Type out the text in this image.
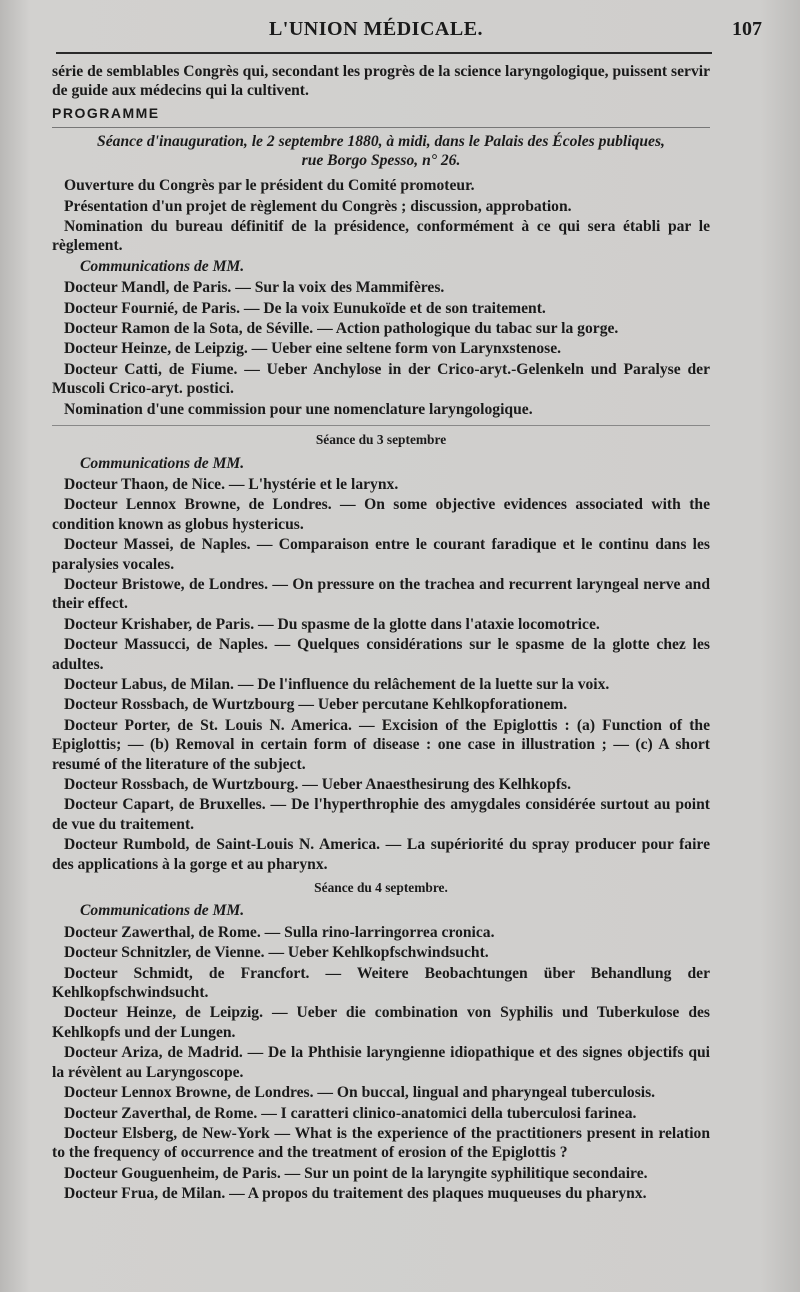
L'UNION MÉDICALE.	107

série de semblables Congrès qui, secondant les progrès de la science laryngologique, puissent servir de guide aux médecins qui la cultivent.

PROGRAMME

Séance d'inauguration, le 2 septembre 1880, à midi, dans le Palais des Écoles publiques,

rue Borgo Spesso, n° 26.

Ouverture du Congrès par le président du Comité promoteur.

Présentation d'un projet de règlement du Congrès ; discussion, approbation.

Nomination du bureau définitif de la présidence, conformément à ce qui sera établi par le règlement.

Communications de MM.

Docteur Mandl, de Paris. — Sur la voix des Mammifères.

Docteur Fournié, de Paris. — De la voix Eunukoïde et de son traitement.

Docteur Ramon de la Sota, de Séville. — Action pathologique du tabac sur la gorge.

Docteur Heinze, de Leipzig. — Ueber eine seltene form von Larynxstenose.

Docteur Catti, de Fiume. — Ueber Anchylose in der Crico-aryt.-Gelenkeln und Paralyse der Muscoli Crico-aryt. postici.

Nomination d'une commission pour une nomenclature laryngologique.

Séance du 3 septembre

Communications de MM.

Docteur Thaon, de Nice. — L'hystérie et le larynx.

Docteur Lennox Browne, de Londres. — On some objective evidences associated with the condition known as globus hystericus.

Docteur Massei, de Naples. — Comparaison entre le courant faradique et le continu dans les paralysies vocales.

Docteur Bristowe, de Londres. — On pressure on the trachea and recurrent laryngeal nerve and their effect.

Docteur Krishaber, de Paris. — Du spasme de la glotte dans l'ataxie locomotrice.

Docteur Massucci, de Naples. — Quelques considérations sur le spasme de la glotte chez les adultes.

Docteur Labus, de Milan. — De l'influence du relâchement de la luette sur la voix.

Docteur Rossbach, de Wurtzbourg — Ueber percutane Kehlkopforationem.

Docteur Porter, de St. Louis N. America. — Excision of the Epiglottis : (a) Function of the Epiglottis; — (b) Removal in certain form of disease : one case in illustration ; — (c) A short resumé of the literature of the subject.

Docteur Rossbach, de Wurtzbourg. — Ueber Anaesthesirung des Kelhkopfs.

Docteur Capart, de Bruxelles. — De l'hyperthrophie des amygdales considérée surtout au point de vue du traitement.

Docteur Rumbold, de Saint-Louis N. America. — La supériorité du spray producer pour faire des applications à la gorge et au pharynx.

Séance du 4 septembre.

Communications de MM.

Docteur Zawerthal, de Rome. — Sulla rino-larringorrea cronica.

Docteur Schnitzler, de Vienne. — Ueber Kehlkopfschwindsucht.

Docteur Schmidt, de Francfort. — Weitere Beobachtungen über Behandlung der Kehlkopfschwindsucht.

Docteur Heinze, de Leipzig. — Ueber die combination von Syphilis und Tuberkulose des Kehlkopfs und der Lungen.

Docteur Ariza, de Madrid. — De la Phthisie laryngienne idiopathique et des signes objectifs qui la révèlent au Laryngoscope.

Docteur Lennox Browne, de Londres. — On buccal, lingual and pharyngeal tuberculosis.

Docteur Zaverthal, de Rome. — I caratteri clinico-anatomici della tuberculosi farinea.

Docteur Elsberg, de New-York — What is the experience of the practitioners present in relation to the frequency of occurrence and the treatment of erosion of the Epiglottis ?

Docteur Gouguenheim, de Paris. — Sur un point de la laryngite syphilitique secondaire.

Docteur Frua, de Milan. — A propos du traitement des plaques muqueuses du pharynx.
